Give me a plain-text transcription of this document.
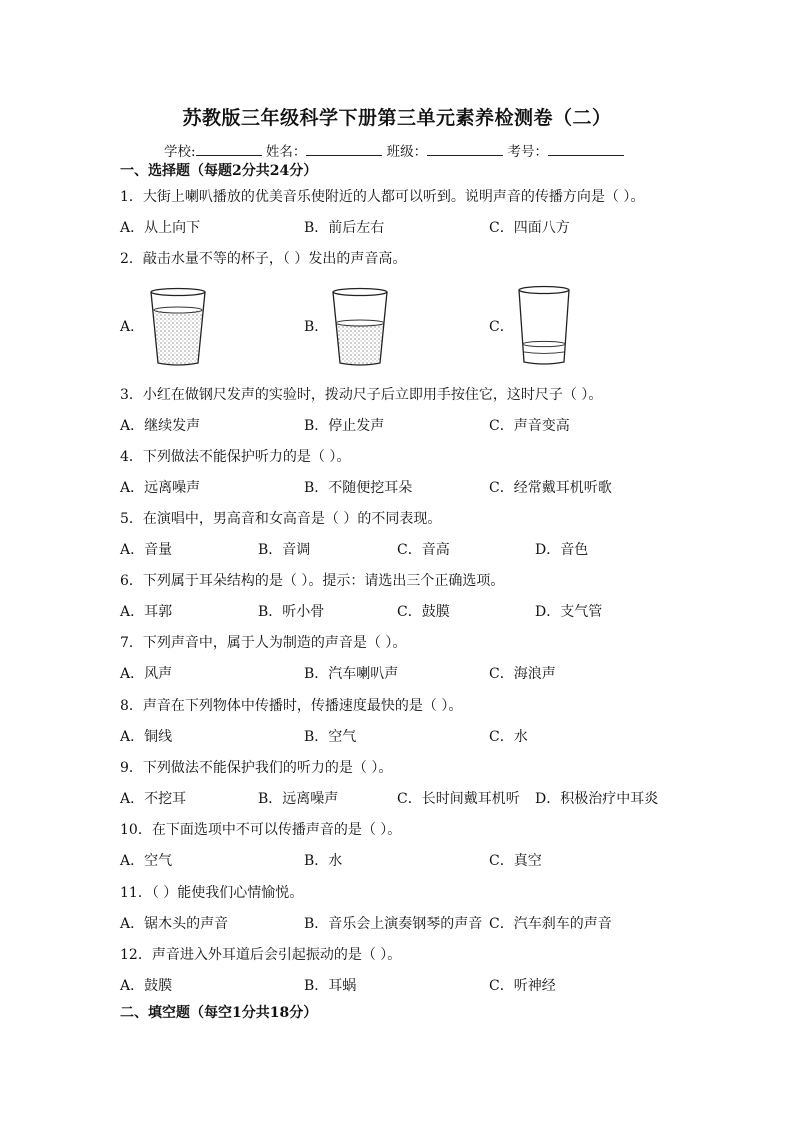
苏教版三年级科学下册第三单元素养检测卷（二）
学校:	姓名：	班级：	考号：
一、选择题（每题2分共24分）
1．大街上喇叭播放的优美音乐使附近的人都可以听到。说明声音的传播方向是（ ）。
A．从上向下	B．前后左右	C．四面八方
2．敲击水量不等的杯子，（ ）发出的声音高。
A．	B．	C．
3．小红在做钢尺发声的实验时，拨动尺子后立即用手按住它，这时尺子（ ）。
A．继续发声	B．停止发声	C．声音变高
4．下列做法不能保护听力的是（ ）。
A．远离噪声	B．不随便挖耳朵	C．经常戴耳机听歌
5．在演唱中，男高音和女高音是（ ）的不同表现。
A．音量	B．音调	C．音高	D．音色
6．下列属于耳朵结构的是（ ）。提示：请选出三个正确选项。
A．耳郭	B．听小骨	C．鼓膜	D．支气管
7．下列声音中，属于人为制造的声音是（ ）。
A．风声	B．汽车喇叭声	C．海浪声
8．声音在下列物体中传播时，传播速度最快的是（ ）。
A．铜线	B．空气	C．水
9．下列做法不能保护我们的听力的是（ ）。
A．不挖耳	B．远离噪声	C．长时间戴耳机听 D．积极治疗中耳炎
10．在下面选项中不可以传播声音的是（ ）。
A．空气	B．水	C．真空
11．（ ）能使我们心情愉悦。
A．锯木头的声音	B．音乐会上演奏钢琴的声音 C．汽车刹车的声音
12．声音进入外耳道后会引起振动的是（ ）。
A．鼓膜	B．耳蜗	C．听神经
二、填空题（每空1分共18分）
